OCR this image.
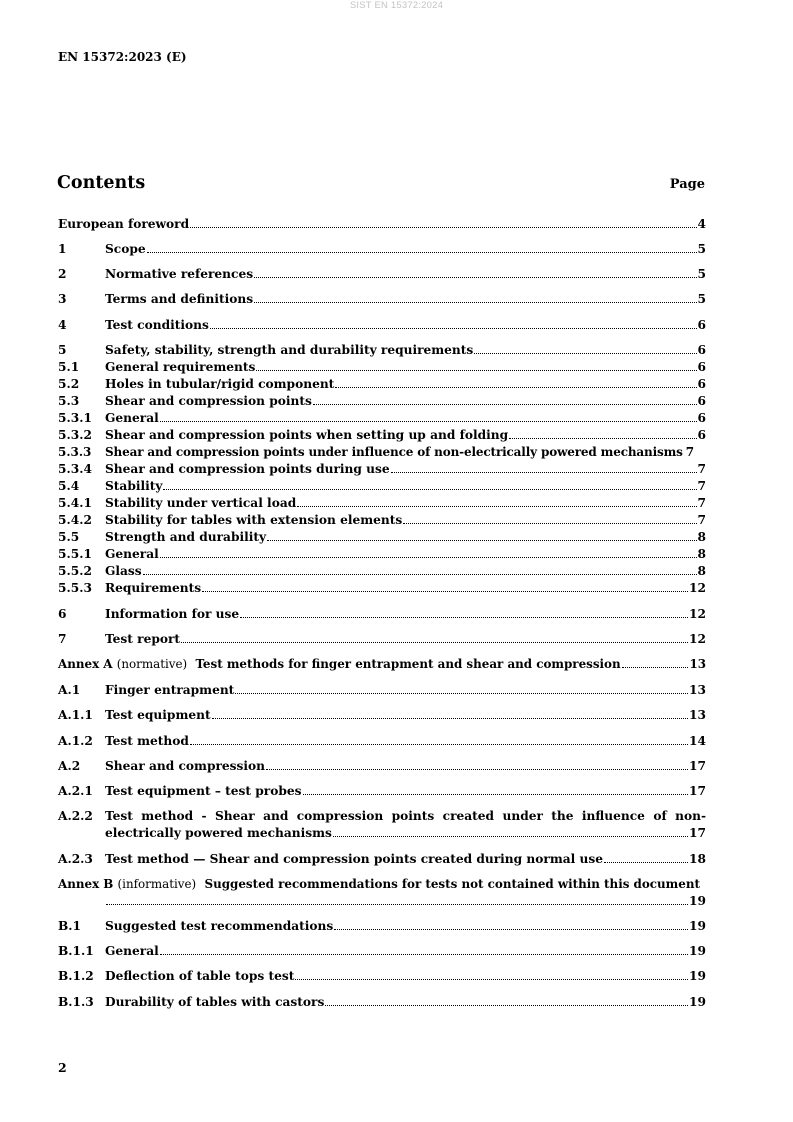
SIST EN 15372:2024
EN 15372:2023 (E)
Contents	Page
European foreword	4
1	Scope	5
2	Normative references	5
3	Terms and definitions	5
4	Test conditions	6
5	Safety, stability, strength and durability requirements	6
5.1	General requirements	6
5.2	Holes in tubular/rigid component	6
5.3	Shear and compression points	6
5.3.1	General	6
5.3.2	Shear and compression points when setting up and folding	6
5.3.3	Shear and compression points under influence of non-electrically powered mechanisms 7
5.3.4	Shear and compression points during use	7
5.4	Stability	7
5.4.1	Stability under vertical load	7
5.4.2	Stability for tables with extension elements	7
5.5	Strength and durability	8
5.5.1	General	8
5.5.2	Glass	8
5.5.3	Requirements	12
6	Information for use	12
7	Test report	12
Annex A (normative) Test methods for finger entrapment and shear and compression	13
A.1	Finger entrapment	13
A.1.1 Test equipment	13
A.1.2 Test method	14
A.2	Shear and compression	17
A.2.1 Test equipment – test probes	17
A.2.2 Test method - Shear and compression points created under the influence of non-
electrically powered mechanisms	17
A.2.3 Test method — Shear and compression points created during normal use	18
Annex B (informative) Suggested recommendations for tests not contained within this document
19
B.1	Suggested test recommendations	19
B.1.1 General	19
B.1.2 Deflection of table tops test	19
B.1.3 Durability of tables with castors	19
2
